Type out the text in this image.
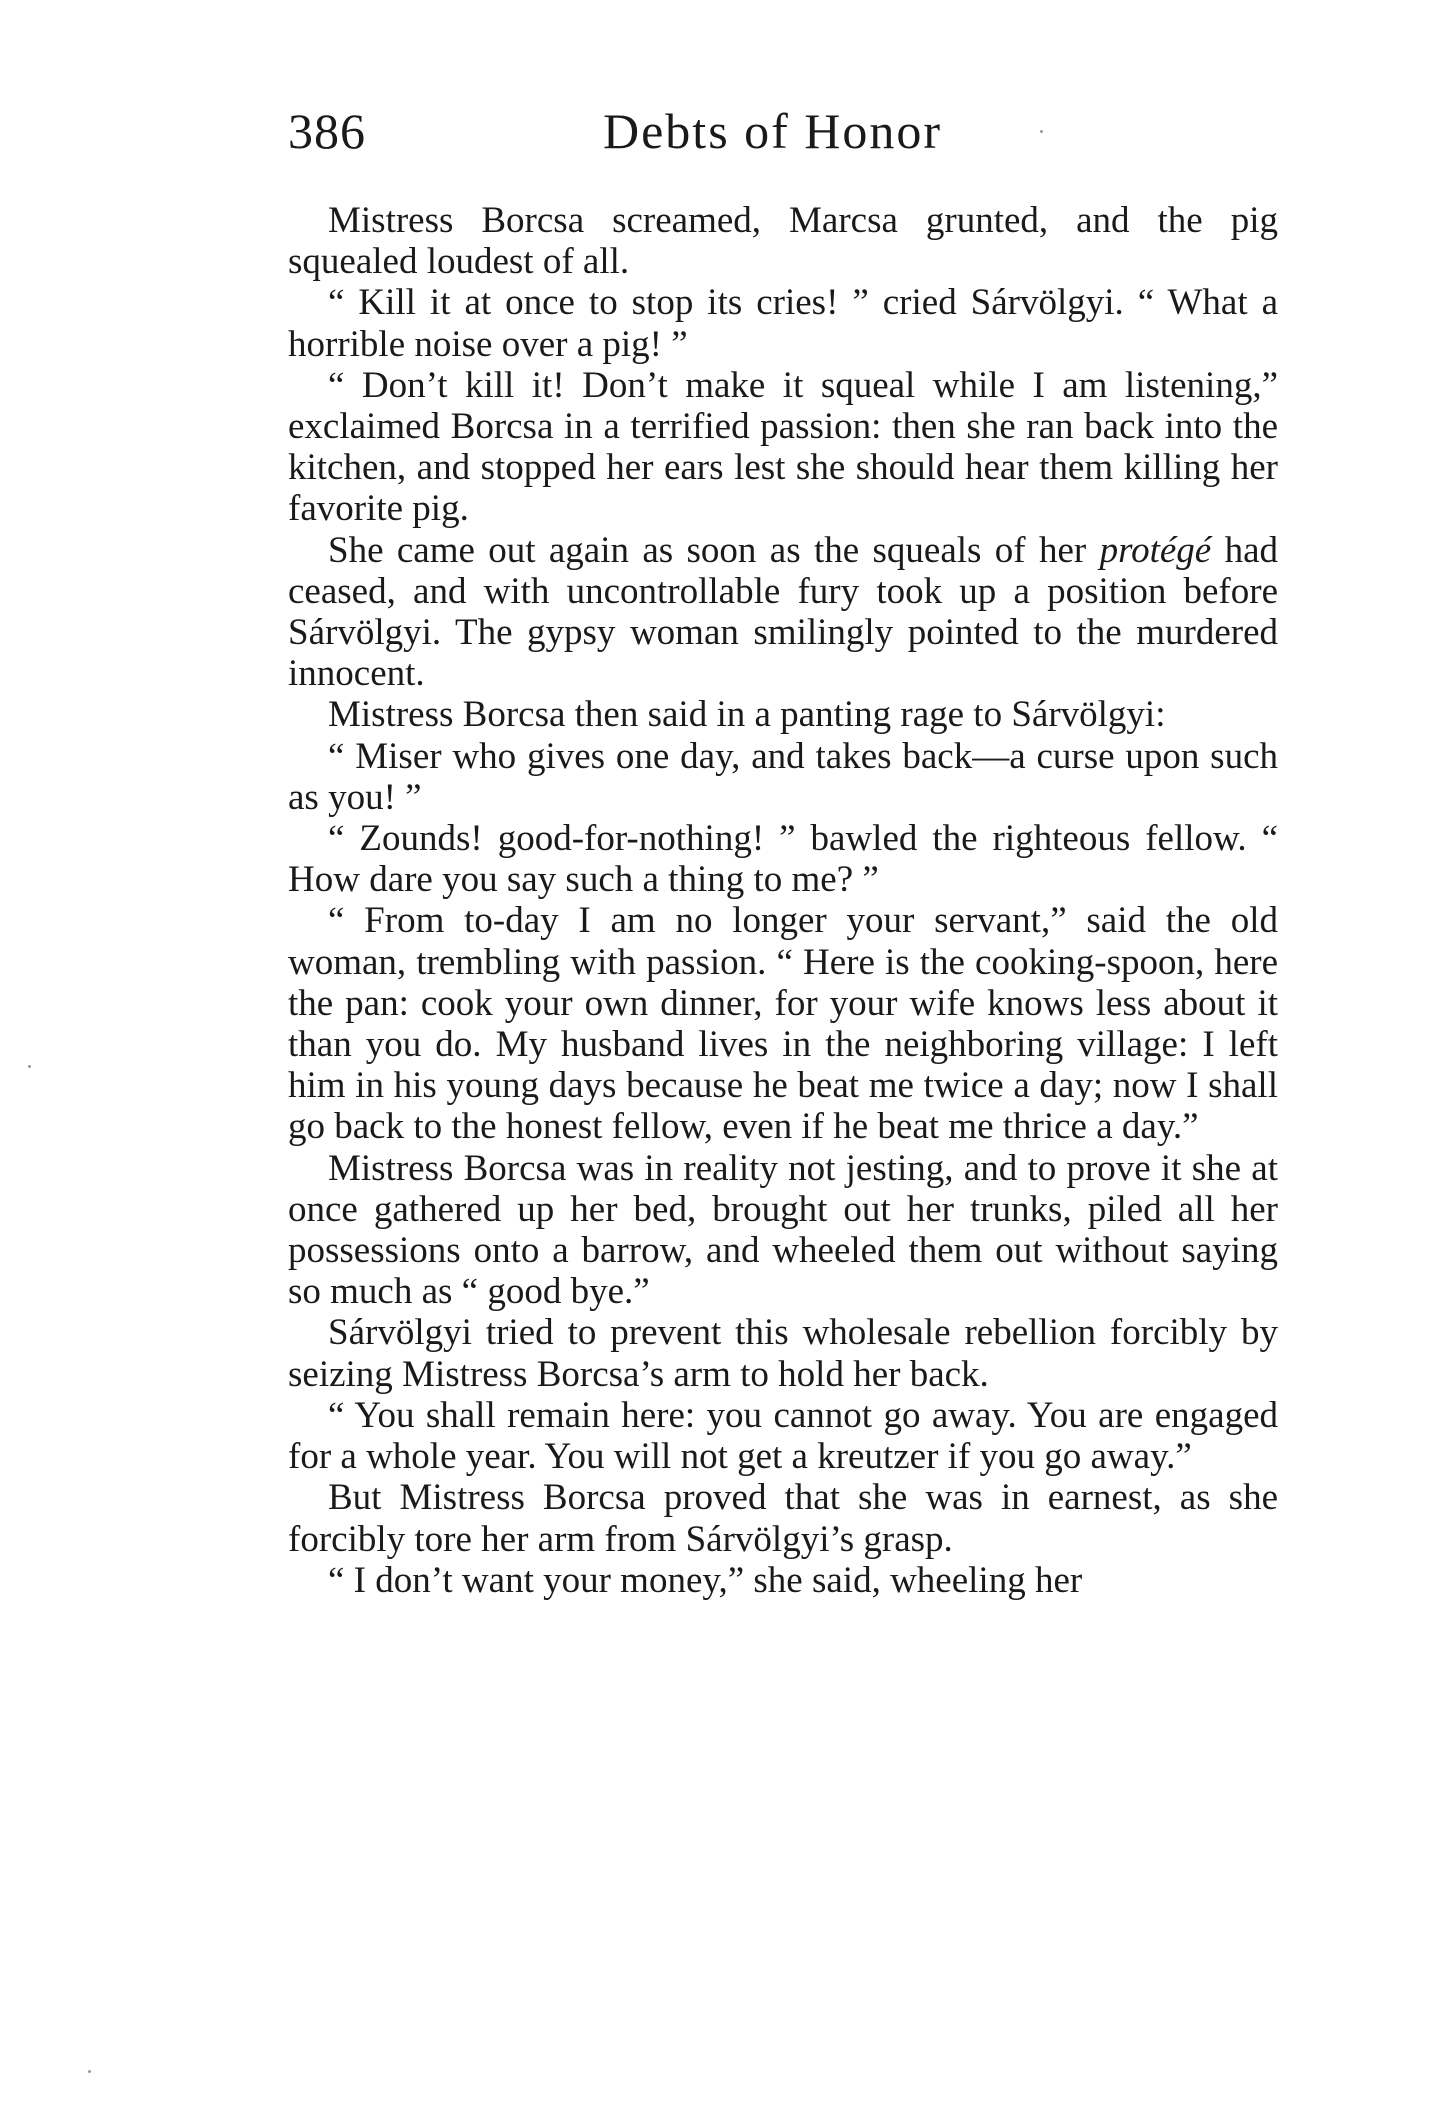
386	Debts of Honor

Mistress Borcsa screamed, Marcsa grunted, and the pig squealed loudest of all.

“ Kill it at once to stop its cries! ” cried Sárvölgyi. “ What a horrible noise over a pig! ”

“ Don’t kill it! Don’t make it squeal while I am listening,” exclaimed Borcsa in a terrified passion: then she ran back into the kitchen, and stopped her ears lest she should hear them killing her favorite pig.

She came out again as soon as the squeals of her protégé had ceased, and with uncontrollable fury took up a position before Sárvölgyi. The gypsy woman smilingly pointed to the murdered innocent.

Mistress Borcsa then said in a panting rage to Sárvölgyi:

“ Miser who gives one day, and takes back—a curse upon such as you! ”

“ Zounds! good-for-nothing! ” bawled the righteous fellow. “ How dare you say such a thing to me? ”

“ From to-day I am no longer your servant,” said the old woman, trembling with passion. “ Here is the cooking-spoon, here the pan: cook your own dinner, for your wife knows less about it than you do. My husband lives in the neighboring village: I left him in his young days because he beat me twice a day; now I shall go back to the honest fellow, even if he beat me thrice a day.”

Mistress Borcsa was in reality not jesting, and to prove it she at once gathered up her bed, brought out her trunks, piled all her possessions onto a barrow, and wheeled them out without saying so much as “ good bye.”

Sárvölgyi tried to prevent this wholesale rebellion forcibly by seizing Mistress Borcsa’s arm to hold her back.

“ You shall remain here: you cannot go away. You are engaged for a whole year. You will not get a kreutzer if you go away.”

But Mistress Borcsa proved that she was in earnest, as she forcibly tore her arm from Sárvölgyi’s grasp.

“ I don’t want your money,” she said, wheeling her
